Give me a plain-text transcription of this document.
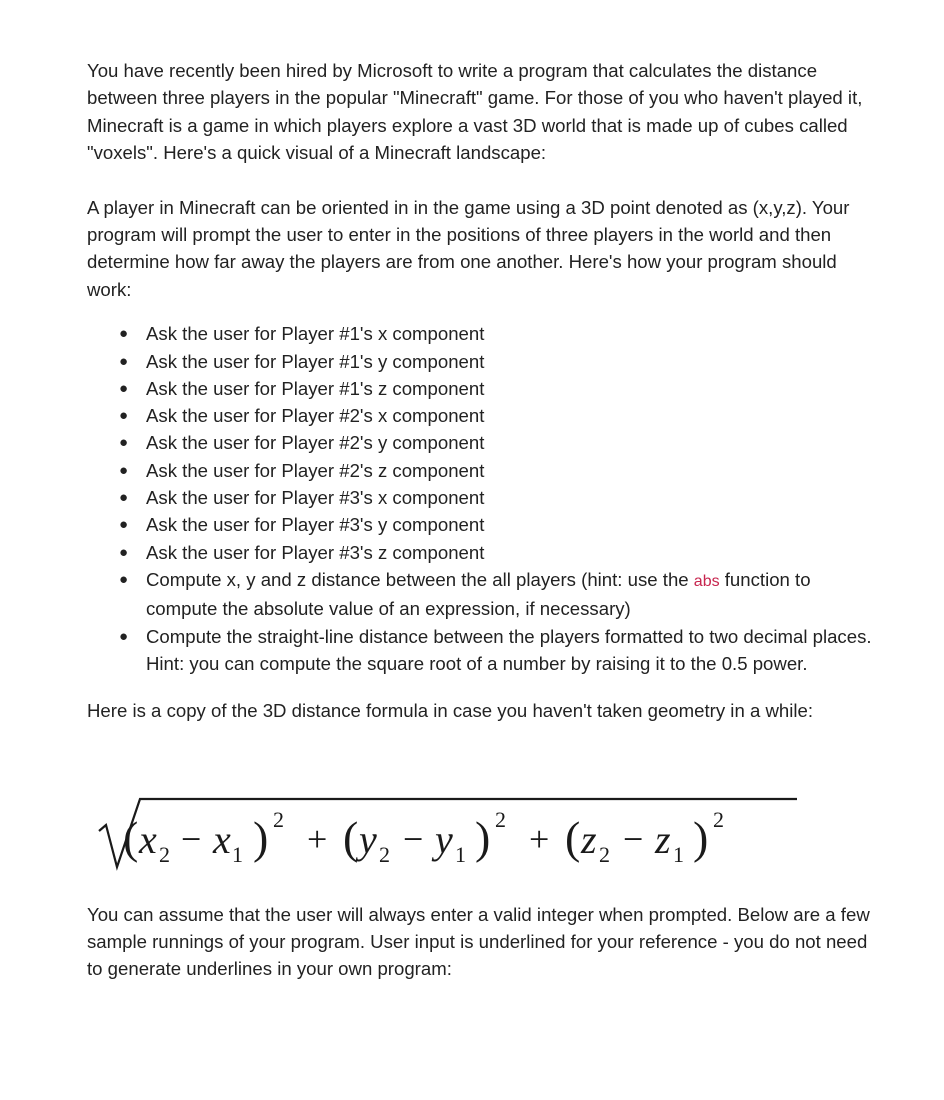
You have recently been hired by Microsoft to write a program that calculates the distance between three players in the popular "Minecraft" game. For those of you who haven't played it, Minecraft is a game in which players explore a vast 3D world that is made up of cubes called "voxels". Here's a quick visual of a Minecraft landscape:

A player in Minecraft can be oriented in in the game using a 3D point denoted as (x,y,z). Your program will prompt the user to enter in the positions of three players in the world and then determine how far away the players are from one another. Here's how your program should work:

● Ask the user for Player #1's x component
● Ask the user for Player #1's y component
● Ask the user for Player #1's z component
● Ask the user for Player #2's x component
● Ask the user for Player #2's y component
● Ask the user for Player #2's z component
● Ask the user for Player #3's x component
● Ask the user for Player #3's y component
● Ask the user for Player #3's z component
● Compute x, y and z distance between the all players (hint: use the abs function to compute the absolute value of an expression, if necessary)
● Compute the straight-line distance between the players formatted to two decimal places. Hint: you can compute the square root of a number by raising it to the 0.5 power.

Here is a copy of the 3D distance formula in case you haven't taken geometry in a while:

( x 2 − x 1 ) 2 + ( y 2 − y 1 ) 2 + ( z 2 − z 1 ) 2

You can assume that the user will always enter a valid integer when prompted. Below are a few sample runnings of your program. User input is underlined for your reference - you do not need to generate underlines in your own program:
